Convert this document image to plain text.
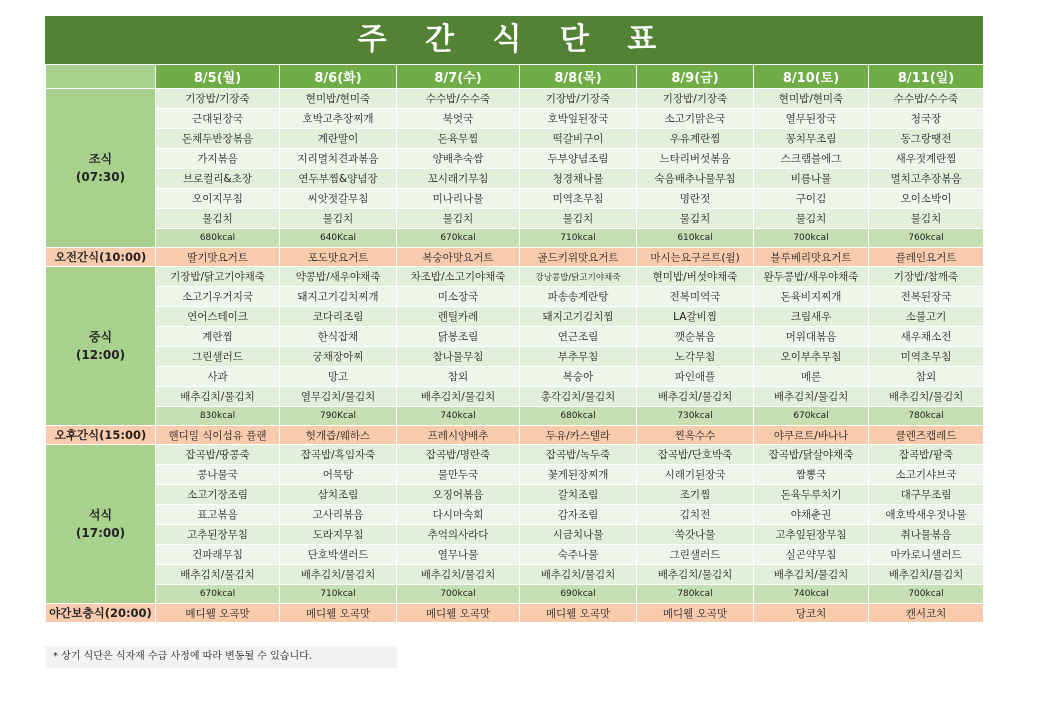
주 간 식 단 표
	8/5(월)	8/6(화)	8/7(수)	8/8(목)	8/9(금)	8/10(토)	8/11(일)

조식
(07:30)	기장밥/기장죽	현미밥/현미죽	수수밥/수수죽	기장밥/기장죽	기장밥/기장죽	현미밥/현미죽	수수밥/수수죽
	근대된장국	호박고추장찌개	북엇국	호박잎된장국	소고기맑은국	열무된장국	청국장
	돈채두반장볶음	계란말이	돈육무찜	떡갈비구이	우유계란찜	꽁치무조림	동그랑땡전
	가지볶음	지리멸치견과볶음	양배추숙쌈	두부양념조림	느타리버섯볶음	스크램블에그	새우젓계란찜
	브로컬리&초장	연두부찜&양념장	꼬시래기무침	청경채나물	숙음배추나물무침	비름나물	멸치고추장볶음
	오이지무침	씨앗젓갈무침	미나리나물	미역초무침	명란젓	구이김	오이소박이
	물김치	물김치	물김치	물김치	물김치	물김치	물김치
	680kcal	640Kcal	670kcal	710kcal	610kcal	700kcal	760kcal
오전간식(10:00)	딸기맛요거트	포도맛요거트	복숭아맛요거트	골드키위맛요거트	마시는요구르트(윌)	블루베리맛요거트	플레인요거트

중식
(12:00)	기장밥/닭고기야채죽	약콩밥/새우야채죽	차조밥/소고기야채죽	강낭콩밥/닭고기야채죽	현미밥/버섯야채죽	완두콩밥/새우야채죽	기장밥/참깨죽
	소고기우거지국	돼지고기김치찌개	미소장국	파송송계란탕	전복미역국	돈육비지찌개	전복된장국
	연어스테이크	코다리조림	렌틸카레	돼지고기김치찜	LA갈비찜	크림새우	소불고기
	계란찜	한식잡채	닭봉조림	연근조림	깻순볶음	머위대볶음	새우채소전
	그린샐러드	궁채장아찌	참나물무침	부추무침	노각무침	오이부추무침	미역초무침
	사과	망고	참외	복숭아	파인애플	메론	참외
	배추김치/물김치	열무김치/물김치	배추김치/물김치	총각김치/물김치	배추김치/물김치	배추김치/물김치	배추김치/물김치
	830kcal	790Kcal	740kcal	680kcal	730kcal	670kcal	780kcal
오후간식(15:00)	핸디밀 식이섬유 플랜	헛개즙/웨하스	프레시양배추	두유/카스텔라	찐옥수수	야쿠르트/바나나	클렌즈캡레드

석식
(17:00)	잡곡밥/땅콩죽	잡곡밥/흑임자죽	잡곡밥/명란죽	잡곡밥/녹두죽	잡곡밥/단호박죽	잡곡밥/닭살야채죽	잡곡밥/팥죽
	콩나물국	어묵탕	물만두국	꽃게된장찌개	시래기된장국	짬뽕국	소고기샤브국
	소고기장조림	삼치조림	오징어볶음	갈치조림	조기찜	돈육두루치기	대구무조림
	표고볶음	고사리볶음	다시마숙회	감자조림	김치전	야채춘권	애호박새우젓나물
	고추된장무침	도라지무침	추억의사라다	시금치나물	쑥갓나물	고추잎된장무침	취나물볶음
	건파래무침	단호박샐러드	열무나물	숙주나물	그린샐러드	실곤약무침	마카로니샐러드
	배추김치/물김치	배추김치/물김치	배추김치/물김치	배추김치/물김치	배추김치/물김치	배추김치/물김치	배추김치/물김치
	670kcal	710kcal	700kcal	690kcal	780kcal	740kcal	700kcal
야간보충식(20:00)	메디웰 오곡맛	메디웰 오곡맛	메디웰 오곡맛	메디웰 오곡맛	메디웰 오곡맛	당코치	캔서코치
* 상기 식단은 식자재 수급 사정에 따라 변동될 수 있습니다.
